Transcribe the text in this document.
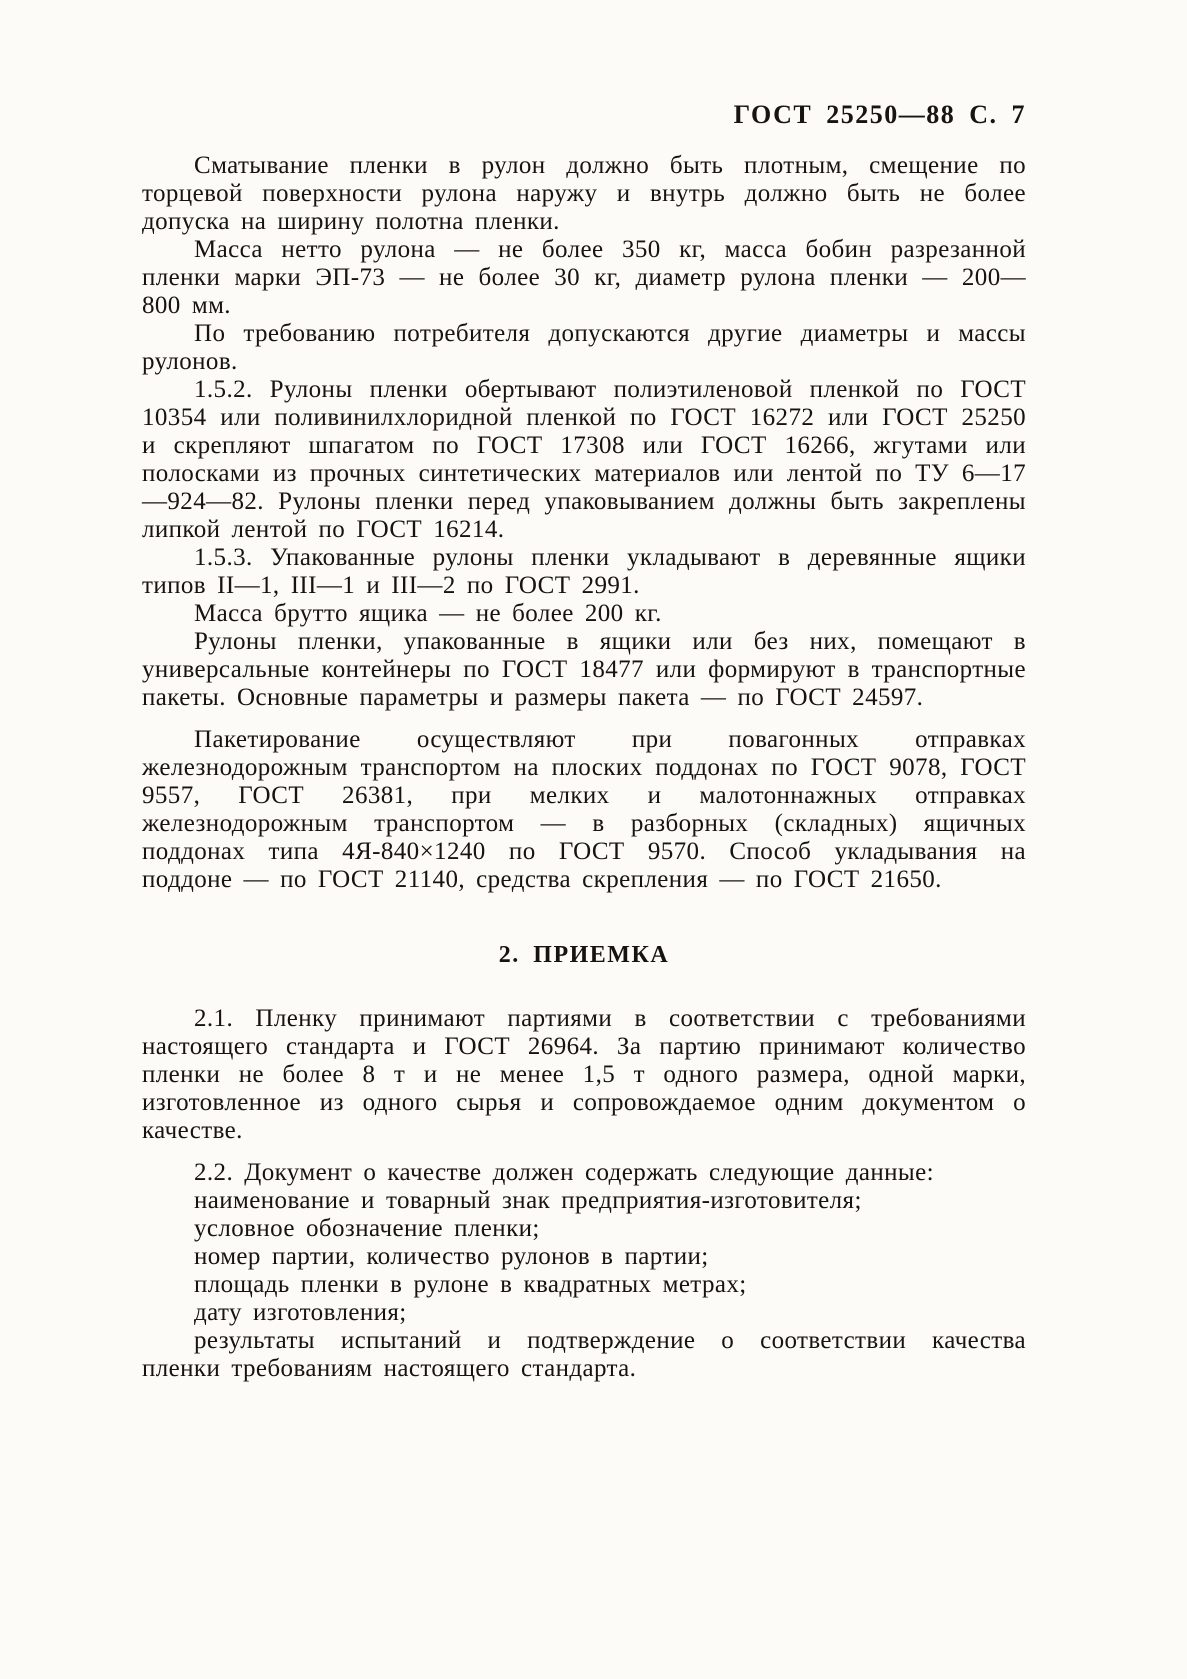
ГОСТ 25250—88 С. 7

Сматывание пленки в рулон должно быть плотным, смещение по торцевой поверхности рулона наружу и внутрь должно быть не более допуска на ширину полотна пленки.

Масса нетто рулона — не более 350 кг, масса бобин разрезанной пленки марки ЭП-73 — не более 30 кг, диаметр рулона пленки — 200—800 мм.

По требованию потребителя допускаются другие диаметры и массы рулонов.

1.5.2. Рулоны пленки обертывают полиэтиленовой пленкой по ГОСТ 10354 или поливинилхлоридной пленкой по ГОСТ 16272 или ГОСТ 25250 и скрепляют шпагатом по ГОСТ 17308 или ГОСТ 16266, жгутами или полосками из прочных синтетических материалов или лентой по ТУ 6—17—924—82. Рулоны пленки перед упаковыванием должны быть закреплены липкой лентой по ГОСТ 16214.

1.5.3. Упакованные рулоны пленки укладывают в деревянные ящики типов II—1, III—1 и III—2 по ГОСТ 2991.

Масса брутто ящика — не более 200 кг.

Рулоны пленки, упакованные в ящики или без них, помещают в универсальные контейнеры по ГОСТ 18477 или формируют в транспортные пакеты. Основные параметры и размеры пакета — по ГОСТ 24597.

Пакетирование осуществляют при повагонных отправках железнодорожным транспортом на плоских поддонах по ГОСТ 9078, ГОСТ 9557, ГОСТ 26381, при мелких и малотоннажных отправках железнодорожным транспортом — в разборных (складных) ящичных поддонах типа 4Я-840×1240 по ГОСТ 9570. Способ укладывания на поддоне — по ГОСТ 21140, средства скрепления — по ГОСТ 21650.

2. ПРИЕМКА

2.1. Пленку принимают партиями в соответствии с требованиями настоящего стандарта и ГОСТ 26964. За партию принимают количество пленки не более 8 т и не менее 1,5 т одного размера, одной марки, изготовленное из одного сырья и сопровождаемое одним документом о качестве.

2.2. Документ о качестве должен содержать следующие данные:

наименование и товарный знак предприятия-изготовителя;

условное обозначение пленки;

номер партии, количество рулонов в партии;

площадь пленки в рулоне в квадратных метрах;

дату изготовления;

результаты испытаний и подтверждение о соответствии качества пленки требованиям настоящего стандарта.
